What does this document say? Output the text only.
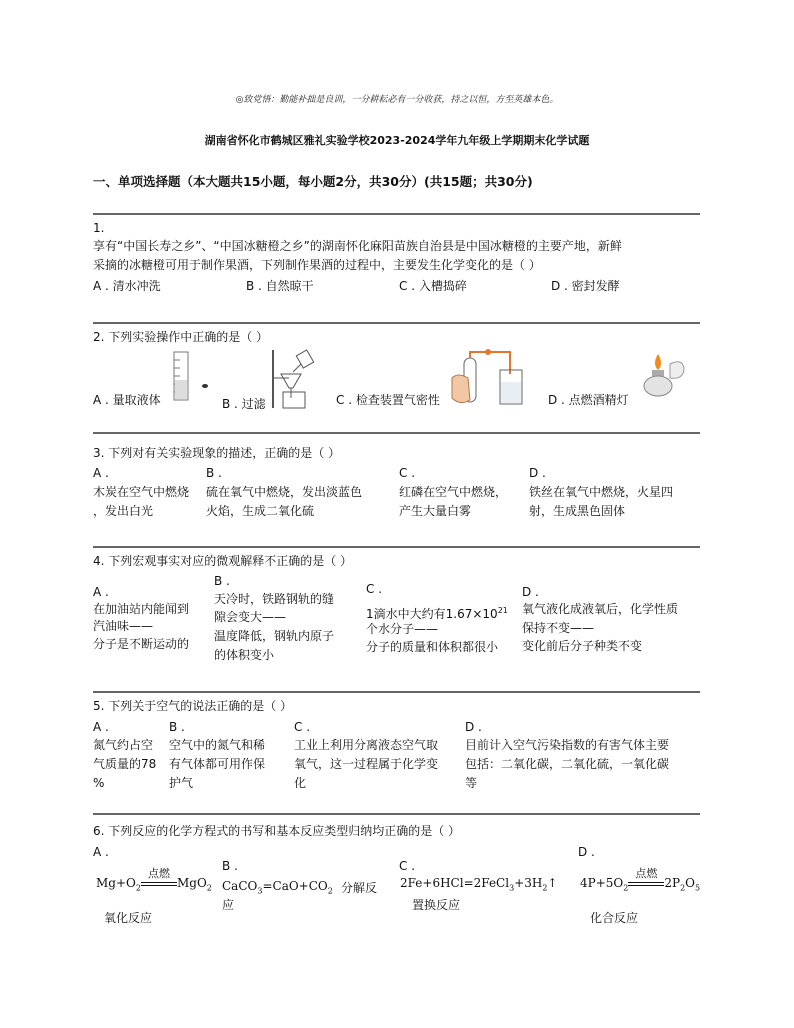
◎致党悟：勤能补拙是良训，一分耕耘必有一分收获，持之以恒，方至英雄本色。
湖南省怀化市鹤城区雅礼实验学校2023-2024学年九年级上学期期末化学试题
一、单项选择题（本大题共15小题，每小题2分，共30分）(共15题；共30分)
1.
享有“中国长寿之乡”、“中国冰糖橙之乡”的湖南怀化麻阳苗族自治县是中国冰糖橙的主要产地，新鲜
采摘的冰糖橙可用于制作果酒，下列制作果酒的过程中，主要发生化学变化的是（ ）
A . 清水冲洗	B . 自然晾干	C . 入槽捣碎	D . 密封发酵
2. 下列实验操作中正确的是（ ）
A . 量取液体	B . 过滤	C . 检查装置气密性	D . 点燃酒精灯
3. 下列对有关实验现象的描述，正确的是（ ）
A .
木炭在空气中燃烧
，发出白光
B .
硫在氧气中燃烧，发出淡蓝色
火焰，生成二氧化硫
C .
红磷在空气中燃烧，
产生大量白雾
D .
铁丝在氧气中燃烧，火星四
射，生成黑色固体
4. 下列宏观事实对应的微观解释不正确的是（ ）
A .
在加油站内能闻到
汽油味——
分子是不断运动的
B .
天冷时，铁路钢轨的缝
隙会变大——
温度降低，钢轨内原子
的体积变小
C .
1滴水中大约有$1.67\times 10^{21}$
个水分子——
分子的质量和体积都很小
D .
氧气液化成液氧后，化学性质
保持不变——
变化前后分子种类不变
5. 下列关于空气的说法正确的是（ ）
A .
氮气约占空
气质量的78
%
B .
空气中的氮气和稀
有气体都可用作保
护气
C .
工业上利用分离液态空气取
氧气，这一过程属于化学变
化
D .
目前计入空气污染指数的有害气体主要
包括：二氧化碳，二氧化硫，一氧化碳
等
6. 下列反应的化学方程式的书写和基本反应类型归纳均正确的是（ ）
A .
$Mg+O_2$
点燃
MgO$_2$
氧化反应
B .
$CaCO_3=CaO+CO_2$ 分解反
应
C .
$2Fe+6HCl=2FeCl_3+3H_2↑$
置换反应
D .
$4P+5O_2$
点燃
$2P_2O_5$
化合反应
